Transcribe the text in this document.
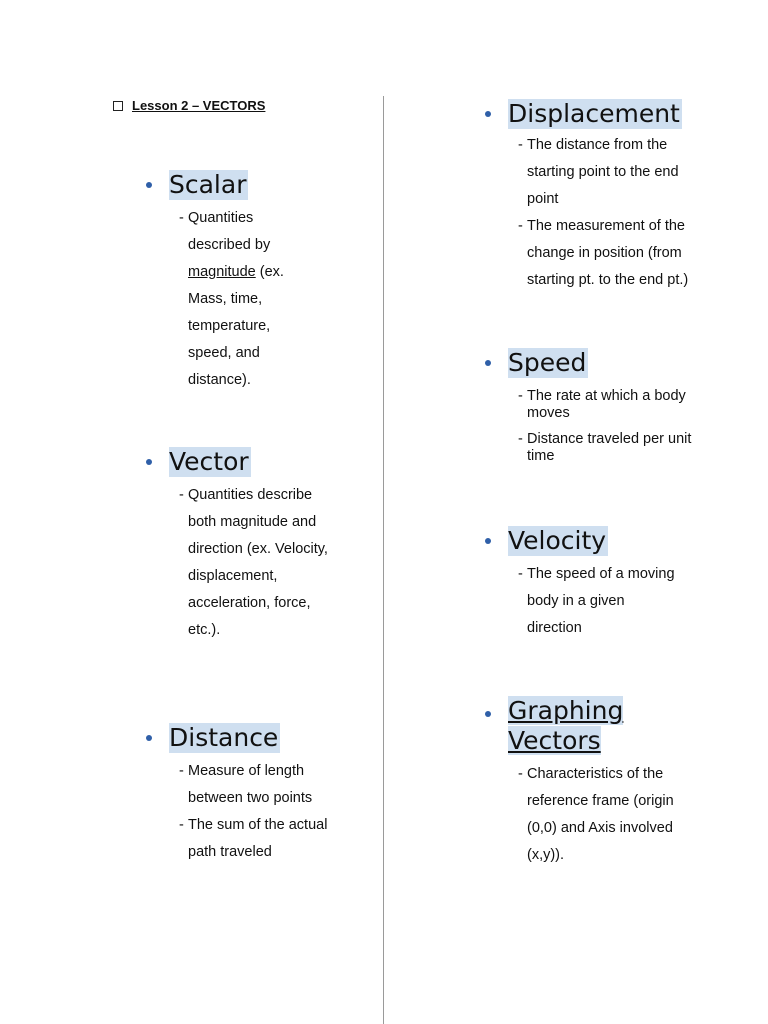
Lesson 2 – VECTORS
Scalar
- Quantities described by magnitude (ex. Mass, time, temperature, speed, and distance).
Vector
- Quantities describe both magnitude and direction (ex. Velocity, displacement, acceleration, force, etc.).
Distance
- Measure of length between two points
- The sum of the actual path traveled
Displacement
- The distance from the starting point to the end point
- The measurement of the change in position (from starting pt. to the end pt.)
Speed
- The rate at which a body moves
- Distance traveled per unit time
Velocity
- The speed of a moving body in a given direction
Graphing
Vectors
- Characteristics of the reference frame (origin (0,0) and Axis involved (x,y)).
